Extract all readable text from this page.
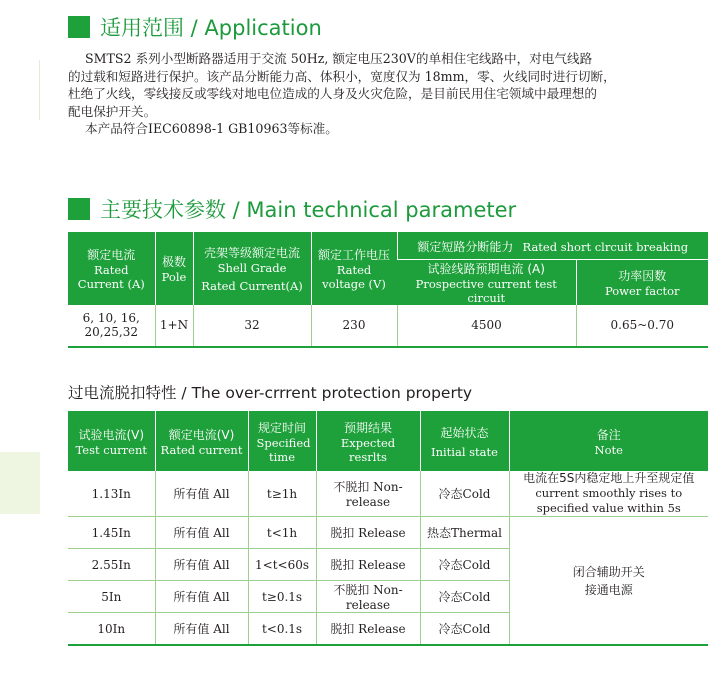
适用范围 / Application

SMTS2 系列小型断路器适用于交流 50Hz, 额定电压230V的单相住宅线路中，对电气线路

的过载和短路进行保护。该产品分断能力高、体积小，宽度仅为 18mm，零、火线同时进行切断，

杜绝了火线，零线接反或零线对地电位造成的人身及火灾危险，是目前民用住宅领域中最理想的

配电保护开关。

本产品符合IEC60898-1 GB10963等标准。

主要技术参数 / Main technical parameter
额定电流
Rated Current (A)	极数
Pole	壳架等级额定电流
Shell Grade
Rated Current(A)	额定工作电压
Rated voltage (V)	额定短路分断能力 Rated short clrcuit breaking	

				试验线路预期电流 (A)
Prospective current test circuit	功率因数
Power factor

6, 10, 16, 20,25,32	1+N	32	230	4500	0.65~0.70
过电流脱扣特性 / The over-crrrent protection property
试验电流(V)
Test current	额定电流(V)
Rated current	规定时间
Specified time	预期结果
Expected resrlts	起始状态
Initial state	备注
Note

1.13In	所有值 All	t≥1h	不脱扣 Non-release	冷态Cold	电流在5S内稳定地上升至规定值
current smoothly rises to
specified value within 5s

1.45In	所有值 All	t<1h	脱扣 Release	热态Thermal	闭合辅助开关
接通电源

2.55In	所有值 All	1<t<60s	脱扣 Release	冷态Cold	
5In	所有值 All	t≥0.1s	不脱扣 Non-release	冷态Cold	
10In	所有值 All	t<0.1s	脱扣 Release	冷态Cold	
